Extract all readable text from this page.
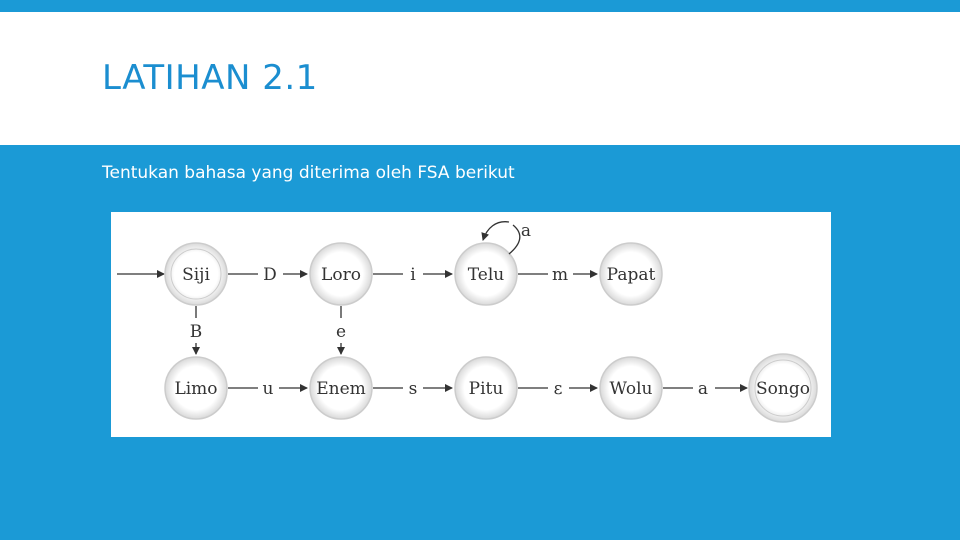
LATIHAN 2.1
Tentukan bahasa yang diterima oleh FSA berikut
Siji	D	Loro	i	Telu
a
m Papat
B	e
Limo	u	Enem	s	Pitu	ε	Wolu	a	Songo
